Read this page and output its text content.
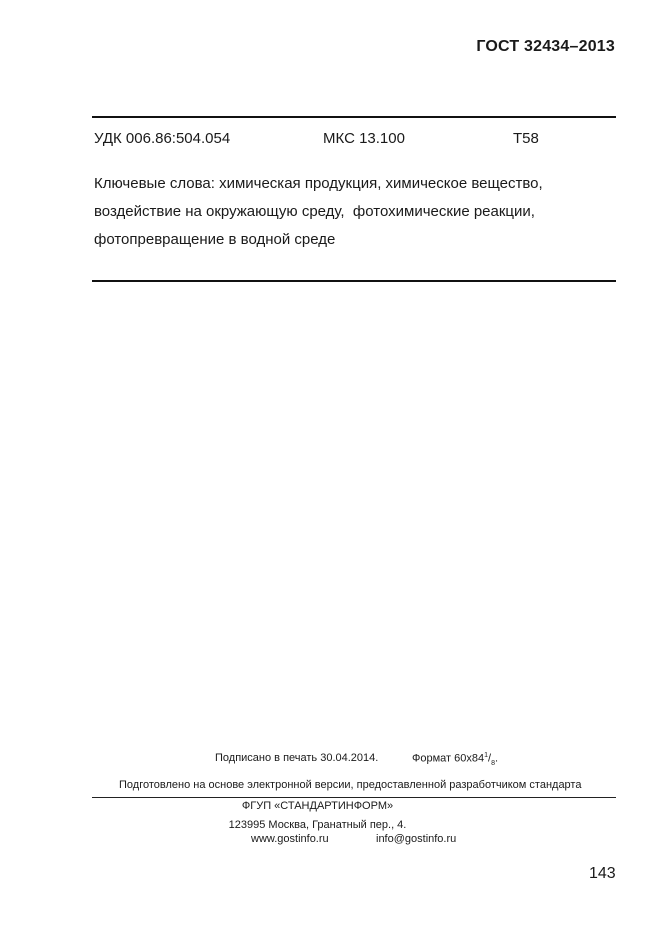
ГОСТ 32434–2013
УДК 006.86:504.054	МКС 13.100	Т58
Ключевые слова: химическая продукция, химическое вещество,
воздействие на окружающую среду,  фотохимические реакции,
фотопревращение в водной среде
Подписано в печать 30.04.2014.	Формат $60x84^1/_8$.
Подготовлено на основе электронной версии, предоставленной разработчиком стандарта
ФГУП «СТАНДАРТИНФОРМ»
123995 Москва, Гранатный пер., 4.
www.gostinfo.ru	info@gostinfo.ru
143
